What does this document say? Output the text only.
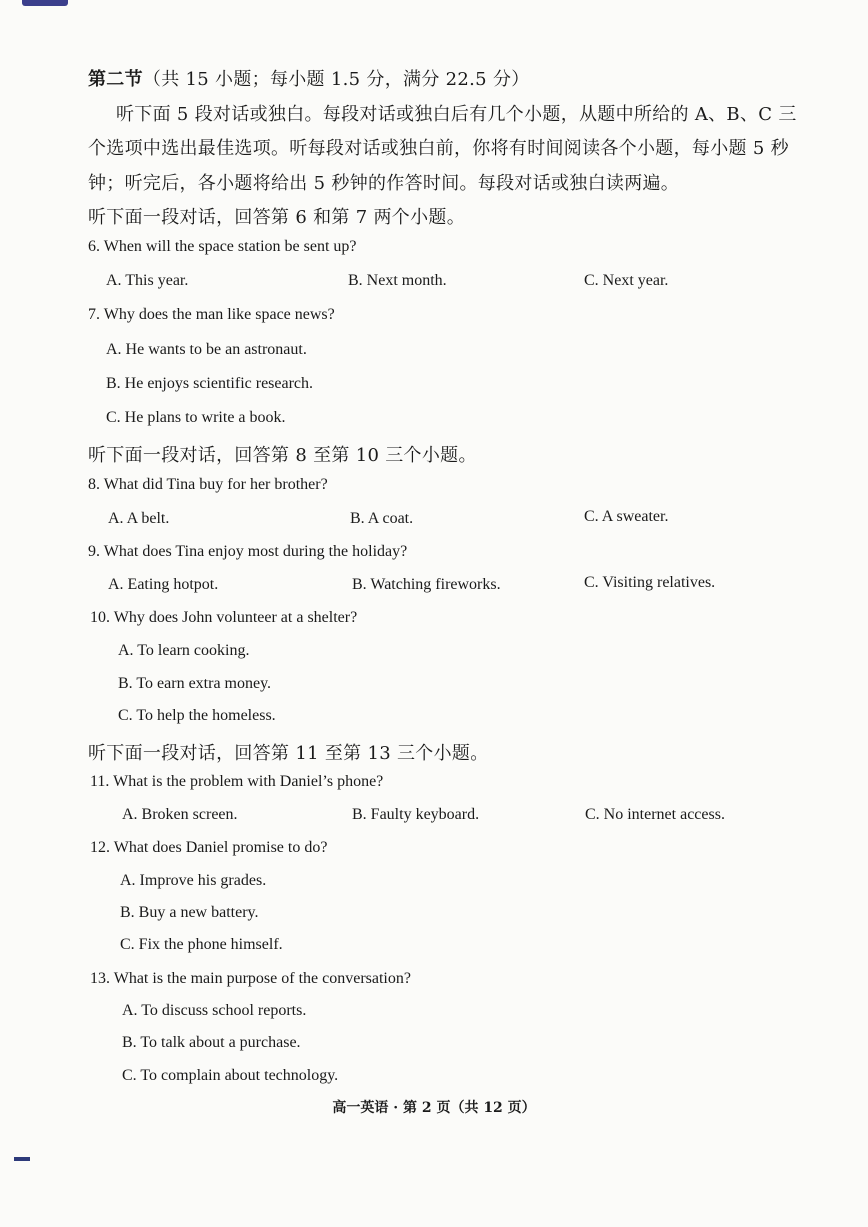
第二节（共 15 小题；每小题 1.5 分，满分 22.5 分）
听下面 5 段对话或独白。每段对话或独白后有几个小题，从题中所给的 A、B、C 三
个选项中选出最佳选项。听每段对话或独白前，你将有时间阅读各个小题，每小题 5 秒
钟；听完后，各小题将给出 5 秒钟的作答时间。每段对话或独白读两遍。
听下面一段对话，回答第 6 和第 7 两个小题。
6. When will the space station be sent up?
A. This year.	B. Next month.	C. Next year.
7. Why does the man like space news?
A. He wants to be an astronaut.
B. He enjoys scientific research.
C. He plans to write a book.
听下面一段对话，回答第 8 至第 10 三个小题。
8. What did Tina buy for her brother?
A. A belt.	B. A coat.	C. A sweater.
9. What does Tina enjoy most during the holiday?
A. Eating hotpot.	B. Watching fireworks.	C. Visiting relatives.
10. Why does John volunteer at a shelter?
A. To learn cooking.
B. To earn extra money.
C. To help the homeless.
听下面一段对话，回答第 11 至第 13 三个小题。
11. What is the problem with Daniel’s phone?
A. Broken screen.	B. Faulty keyboard.	C. No internet access.
12. What does Daniel promise to do?
A. Improve his grades.
B. Buy a new battery.
C. Fix the phone himself.
13. What is the main purpose of the conversation?
A. To discuss school reports.
B. To talk about a purchase.
C. To complain about technology.
高一英语 · 第 2 页（共 12 页）
